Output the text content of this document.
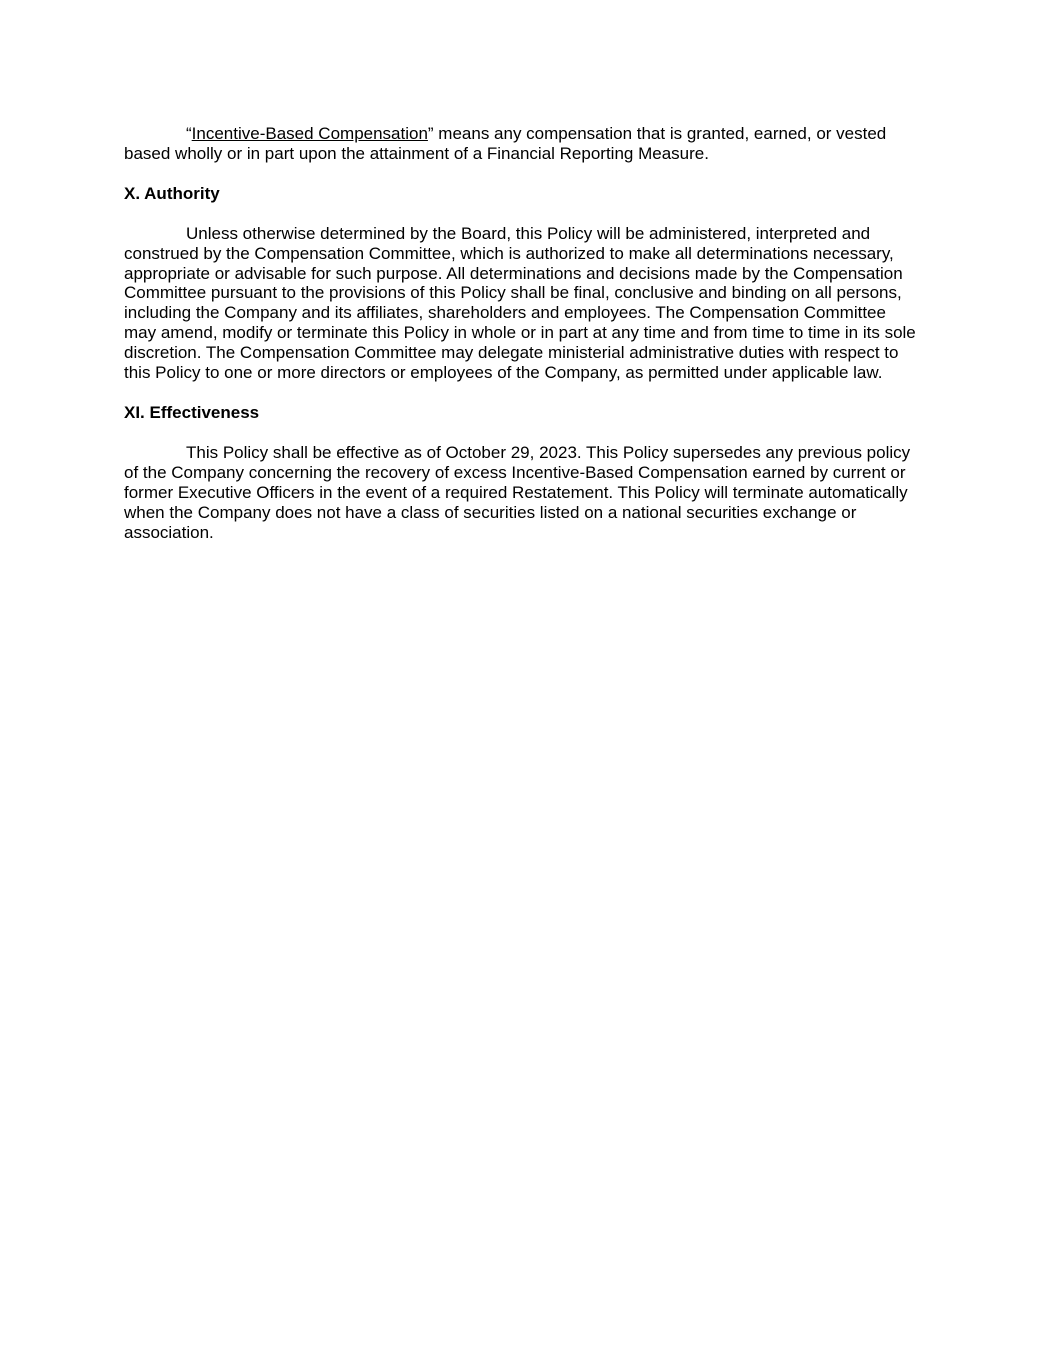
“Incentive-Based Compensation” means any compensation that is granted, earned, or vested
based wholly or in part upon the attainment of a Financial Reporting Measure.

X. Authority

Unless otherwise determined by the Board, this Policy will be administered, interpreted and
construed by the Compensation Committee, which is authorized to make all determinations necessary,
appropriate or advisable for such purpose. All determinations and decisions made by the Compensation
Committee pursuant to the provisions of this Policy shall be final, conclusive and binding on all persons,
including the Company and its affiliates, shareholders and employees. The Compensation Committee
may amend, modify or terminate this Policy in whole or in part at any time and from time to time in its sole
discretion. The Compensation Committee may delegate ministerial administrative duties with respect to
this Policy to one or more directors or employees of the Company, as permitted under applicable law.

XI. Effectiveness

This Policy shall be effective as of October 29, 2023. This Policy supersedes any previous policy
of the Company concerning the recovery of excess Incentive-Based Compensation earned by current or
former Executive Officers in the event of a required Restatement. This Policy will terminate automatically
when the Company does not have a class of securities listed on a national securities exchange or
association.
